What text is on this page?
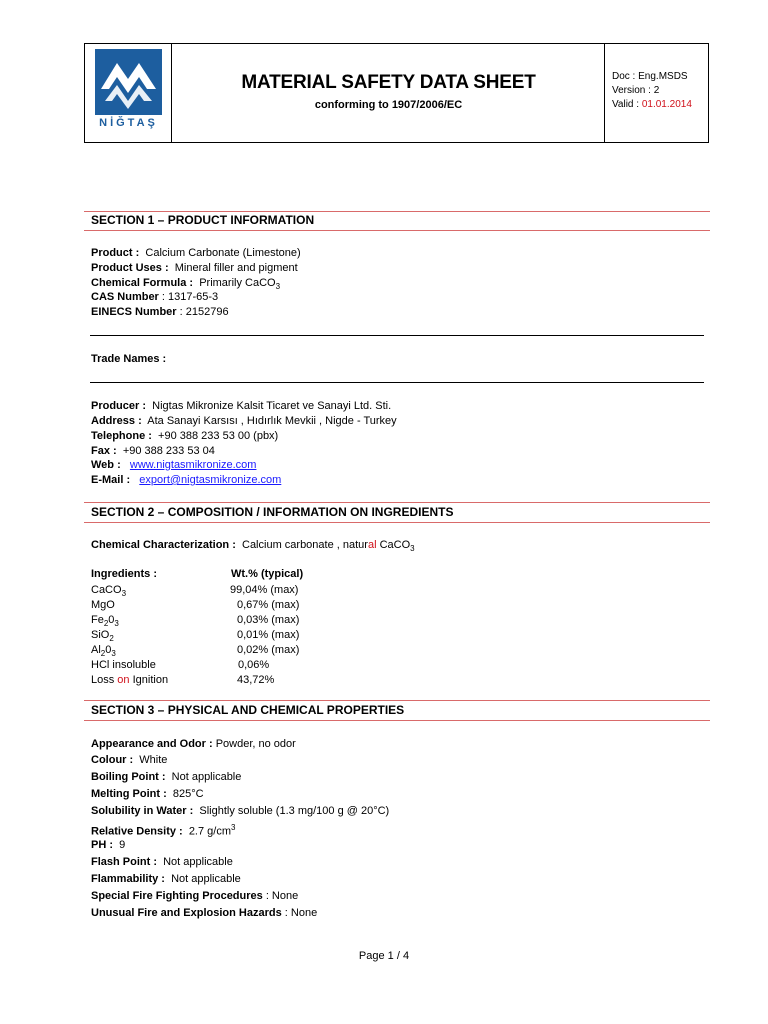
NİĞTAŞ
MATERIAL SAFETY DATA SHEET
conforming to 1907/2006/EC
Doc : Eng.MSDS
Version : 2
Valid : 01.01.2014
SECTION 1 – PRODUCT INFORMATION
Product : Calcium Carbonate (Limestone)
Product Uses : Mineral filler and pigment
Chemical Formula : Primarily CaCO$_3$
CAS Number : 1317-65-3
EINECS Number : 2152796
Trade Names :
Producer : Nigtas Mikronize Kalsit Ticaret ve Sanayi Ltd. Sti.
Address : Ata Sanayi Karsısı , Hıdırlık Mevkii , Nigde - Turkey
Telephone : +90 388 233 53 00 (pbx)
Fax : +90 388 233 53 04
Web : www.nigtasmikronize.com
E-Mail : export@nigtasmikronize.com
SECTION 2 – COMPOSITION / INFORMATION ON INGREDIENTS
Chemical Characterization : Calcium carbonate , natural CaCO$_3$
Ingredients :	Wt.% (typical)
CaCO$_3$	99,04% (max)
MgO	0,67% (max)
$Fe_20_3$	0,03% (max)
SiO$_2$	0,01% (max)
$Al_20_3$	0,02% (max)
HCl insoluble	0,06%
Loss on Ignition	43,72%
SECTION 3 – PHYSICAL AND CHEMICAL PROPERTIES
Appearance and Odor : Powder, no odor
Colour :  White
Boiling Point :  Not applicable
Melting Point :  825°C
Solubility in Water :  Slightly soluble (1.3 mg/100 g @ 20°C)
Relative Density :  2.7 $g/cm^3$
PH :  9
Flash Point :  Not applicable
Flammability :  Not applicable
Special Fire Fighting Procedures : None
Unusual Fire and Explosion Hazards : None
Page 1 / 4
